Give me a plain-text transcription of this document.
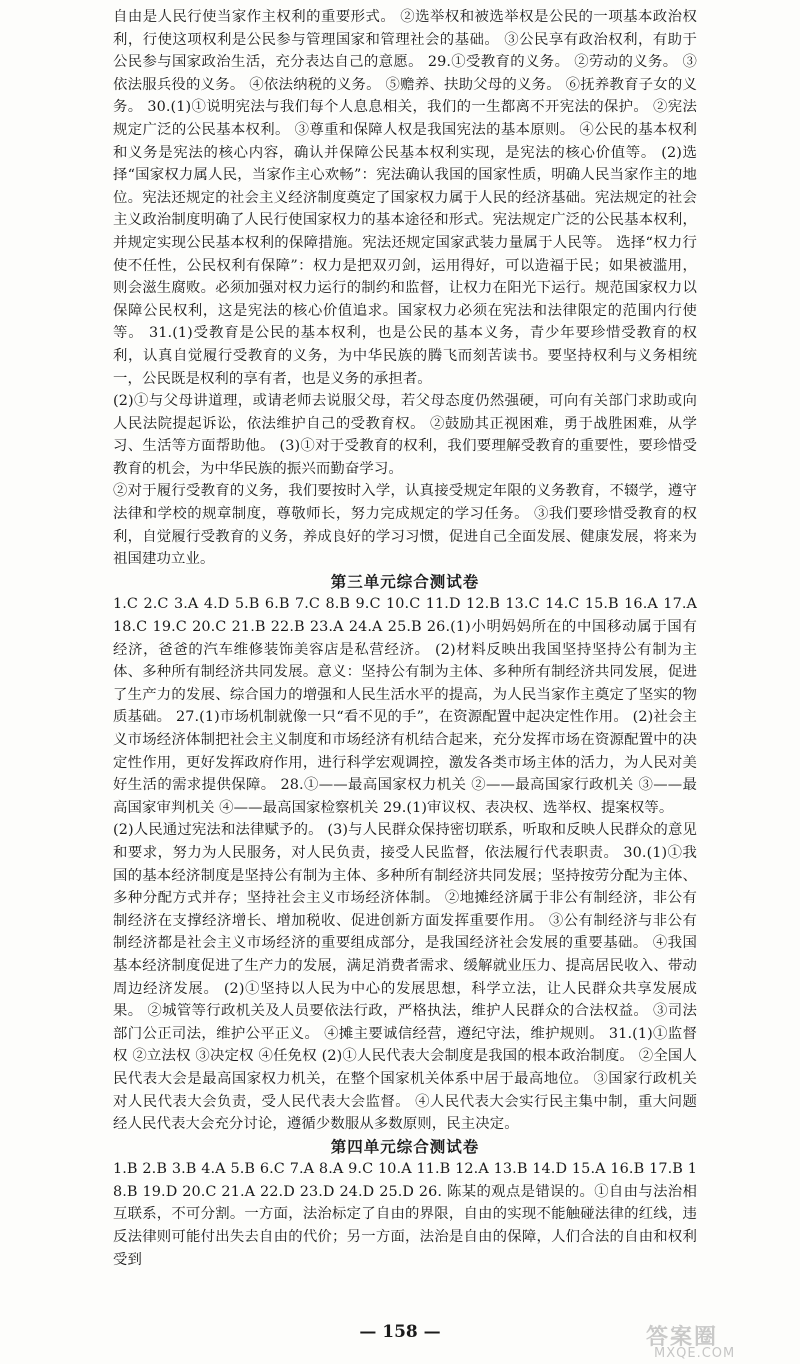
自由是人民行使当家作主权利的重要形式。 ②选举权和被选举权是公民的一项基本政治权利，行使这项权利是公民参与管理国家和管理社会的基础。 ③公民享有政治权利，有助于公民参与国家政治生活，充分表达自己的意愿。 29.①受教育的义务。 ②劳动的义务。 ③依法服兵役的义务。 ④依法纳税的义务。 ⑤赡养、扶助父母的义务。 ⑥抚养教育子女的义务。 30.(1)①说明宪法与我们每个人息息相关，我们的一生都离不开宪法的保护。 ②宪法规定广泛的公民基本权利。 ③尊重和保障人权是我国宪法的基本原则。 ④公民的基本权利和义务是宪法的核心内容，确认并保障公民基本权利实现，是宪法的核心价值等。 (2)选择“国家权力属人民，当家作主心欢畅”：宪法确认我国的国家性质，明确人民当家作主的地位。宪法还规定的社会主义经济制度奠定了国家权力属于人民的经济基础。宪法规定的社会主义政治制度明确了人民行使国家权力的基本途径和形式。宪法规定广泛的公民基本权利，并规定实现公民基本权利的保障措施。宪法还规定国家武装力量属于人民等。 选择“权力行使不任性，公民权利有保障”：权力是把双刃剑，运用得好，可以造福于民；如果被滥用，则会滋生腐败。必须加强对权力运行的制约和监督，让权力在阳光下运行。规范国家权力以保障公民权利，这是宪法的核心价值追求。国家权力必须在宪法和法律限定的范围内行使等。 31.(1)受教育是公民的基本权利，也是公民的基本义务，青少年要珍惜受教育的权利，认真自觉履行受教育的义务，为中华民族的腾飞而刻苦读书。要坚持权利与义务相统一，公民既是权利的享有者，也是义务的承担者。

(2)①与父母讲道理，或请老师去说服父母，若父母态度仍然强硬，可向有关部门求助或向人民法院提起诉讼，依法维护自己的受教育权。 ②鼓励其正视困难，勇于战胜困难，从学习、生活等方面帮助他。 (3)①对于受教育的权利，我们要理解受教育的重要性，要珍惜受教育的机会，为中华民族的振兴而勤奋学习。

②对于履行受教育的义务，我们要按时入学，认真接受规定年限的义务教育，不辍学，遵守法律和学校的规章制度，尊敬师长，努力完成规定的学习任务。 ③我们要珍惜受教育的权利，自觉履行受教育的义务，养成良好的学习习惯，促进自己全面发展、健康发展，将来为祖国建功立业。

第三单元综合测试卷

1.C 2.C 3.A 4.D 5.B 6.B 7.C 8.B 9.C 10.C 11.D 12.B 13.C 14.C 15.B 16.A 17.A 18.C 19.C 20.C 21.B 22.B 23.A 24.A 25.B 26.(1)小明妈妈所在的中国移动属于国有经济，爸爸的汽车维修装饰美容店是私营经济。 (2)材料反映出我国坚持坚持公有制为主体、多种所有制经济共同发展。意义：坚持公有制为主体、多种所有制经济共同发展，促进了生产力的发展、综合国力的增强和人民生活水平的提高，为人民当家作主奠定了坚实的物质基础。 27.(1)市场机制就像一只“看不见的手”，在资源配置中起决定性作用。 (2)社会主义市场经济体制把社会主义制度和市场经济有机结合起来，充分发挥市场在资源配置中的决定性作用，更好发挥政府作用，进行科学宏观调控，激发各类市场主体的活力，为人民对美好生活的需求提供保障。 28.①——最高国家权力机关 ②——最高国家行政机关 ③——最高国家审判机关 ④——最高国家检察机关 29.(1)审议权、表决权、选举权、提案权等。

(2)人民通过宪法和法律赋予的。 (3)与人民群众保持密切联系，听取和反映人民群众的意见和要求，努力为人民服务，对人民负责，接受人民监督，依法履行代表职责。 30.(1)①我国的基本经济制度是坚持公有制为主体、多种所有制经济共同发展；坚持按劳分配为主体、多种分配方式并存；坚持社会主义市场经济体制。 ②地摊经济属于非公有制经济，非公有制经济在支撑经济增长、增加税收、促进创新方面发挥重要作用。 ③公有制经济与非公有制经济都是社会主义市场经济的重要组成部分，是我国经济社会发展的重要基础。 ④我国基本经济制度促进了生产力的发展，满足消费者需求、缓解就业压力、提高居民收入、带动周边经济发展。 (2)①坚持以人民为中心的发展思想，科学立法，让人民群众共享发展成果。 ②城管等行政机关及人员要依法行政，严格执法，维护人民群众的合法权益。 ③司法部门公正司法，维护公平正义。 ④摊主要诚信经营，遵纪守法，维护规则。 31.(1)①监督权 ②立法权 ③决定权 ④任免权 (2)①人民代表大会制度是我国的根本政治制度。 ②全国人民代表大会是最高国家权力机关，在整个国家机关体系中居于最高地位。 ③国家行政机关对人民代表大会负责，受人民代表大会监督。 ④人民代表大会实行民主集中制，重大问题经人民代表大会充分讨论，遵循少数服从多数原则，民主决定。

第四单元综合测试卷

1.B 2.B 3.B 4.A 5.B 6.C 7.A 8.A 9.C 10.A 11.B 12.A 13.B 14.D 15.A 16.B 17.B 18.B 19.D 20.C 21.A 22.D 23.D 24.D 25.D 26. 陈某的观点是错误的。①自由与法治相互联系，不可分割。一方面，法治标定了自由的界限，自由的实现不能触碰法律的红线，违反法律则可能付出失去自由的代价；另一方面，法治是自由的保障，人们合法的自由和权利受到

— 158 —	答案圈
MXQE.COM
